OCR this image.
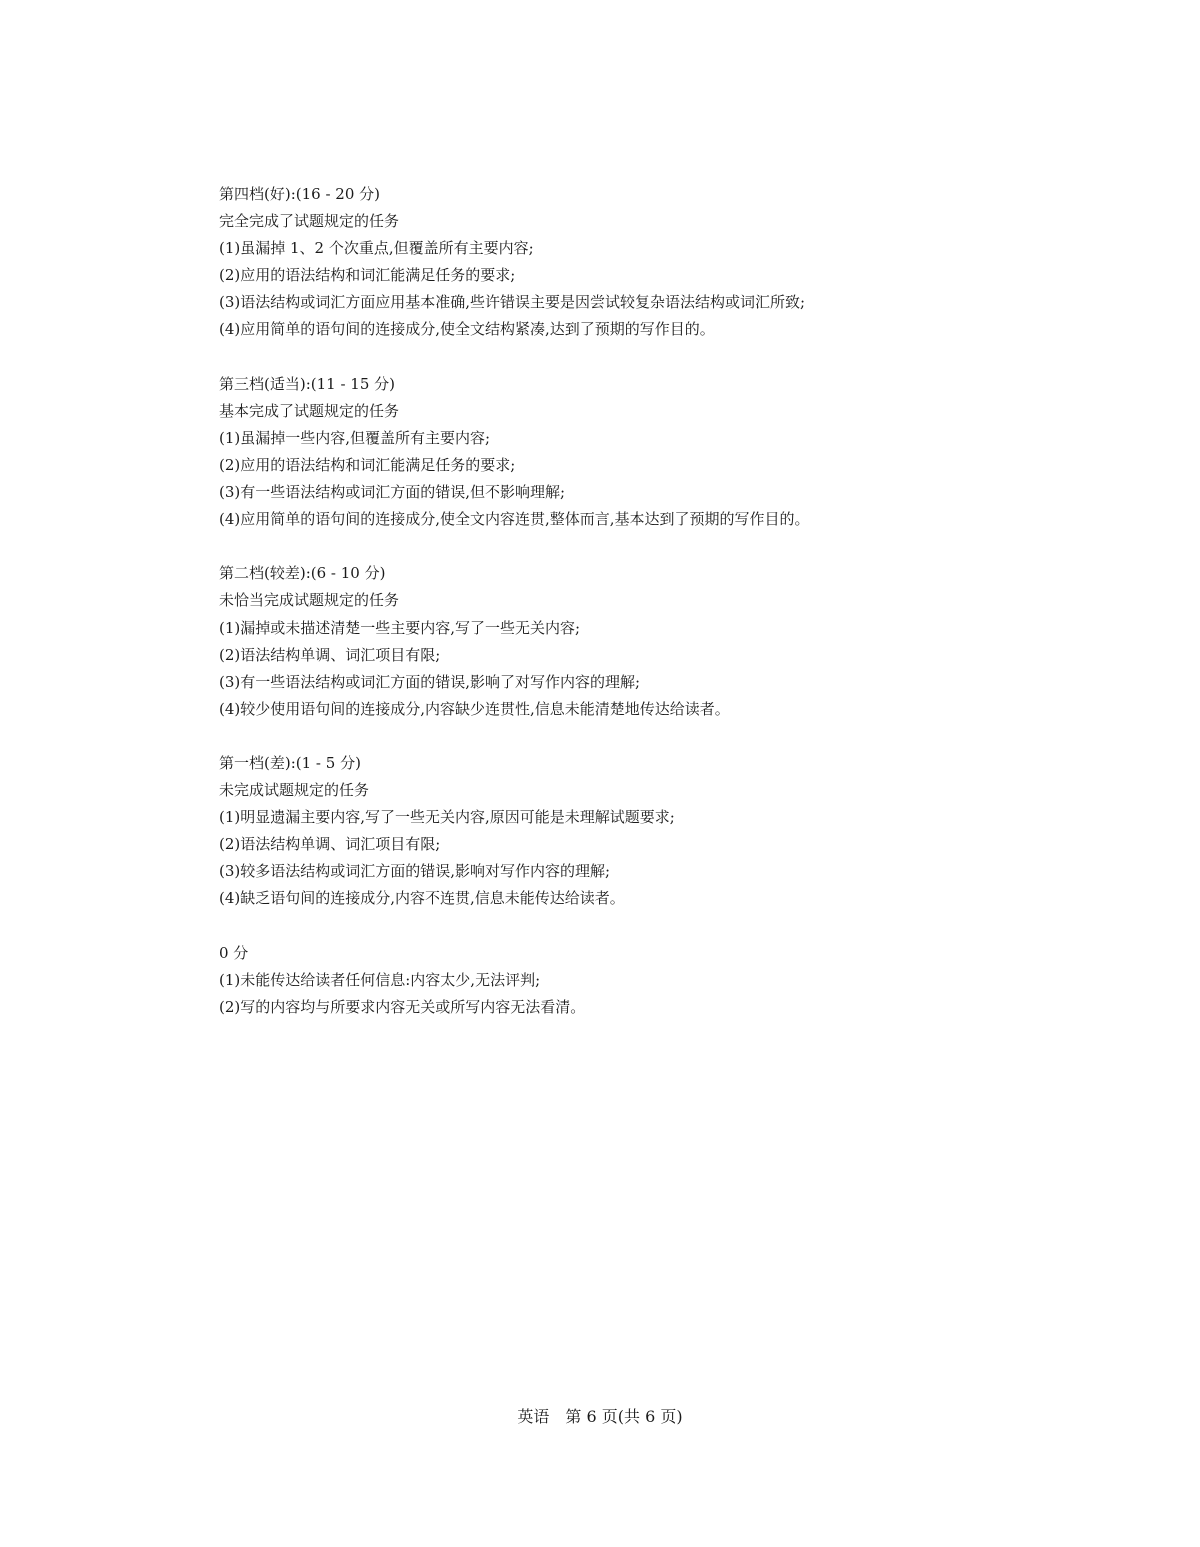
第四档(好):(16 - 20 分)
完全完成了试题规定的任务
(1)虽漏掉 1、2 个次重点,但覆盖所有主要内容;
(2)应用的语法结构和词汇能满足任务的要求;
(3)语法结构或词汇方面应用基本准确,些许错误主要是因尝试较复杂语法结构或词汇所致;
(4)应用简单的语句间的连接成分,使全文结构紧凑,达到了预期的写作目的。
第三档(适当):(11 - 15 分)
基本完成了试题规定的任务
(1)虽漏掉一些内容,但覆盖所有主要内容;
(2)应用的语法结构和词汇能满足任务的要求;
(3)有一些语法结构或词汇方面的错误,但不影响理解;
(4)应用简单的语句间的连接成分,使全文内容连贯,整体而言,基本达到了预期的写作目的。
第二档(较差):(6 - 10 分)
未恰当完成试题规定的任务
(1)漏掉或未描述清楚一些主要内容,写了一些无关内容;
(2)语法结构单调、词汇项目有限;
(3)有一些语法结构或词汇方面的错误,影响了对写作内容的理解;
(4)较少使用语句间的连接成分,内容缺少连贯性,信息未能清楚地传达给读者。
第一档(差):(1 - 5 分)
未完成试题规定的任务
(1)明显遗漏主要内容,写了一些无关内容,原因可能是未理解试题要求;
(2)语法结构单调、词汇项目有限;
(3)较多语法结构或词汇方面的错误,影响对写作内容的理解;
(4)缺乏语句间的连接成分,内容不连贯,信息未能传达给读者。
0 分
(1)未能传达给读者任何信息:内容太少,无法评判;
(2)写的内容均与所要求内容无关或所写内容无法看清。
英语　第 6 页(共 6 页)
